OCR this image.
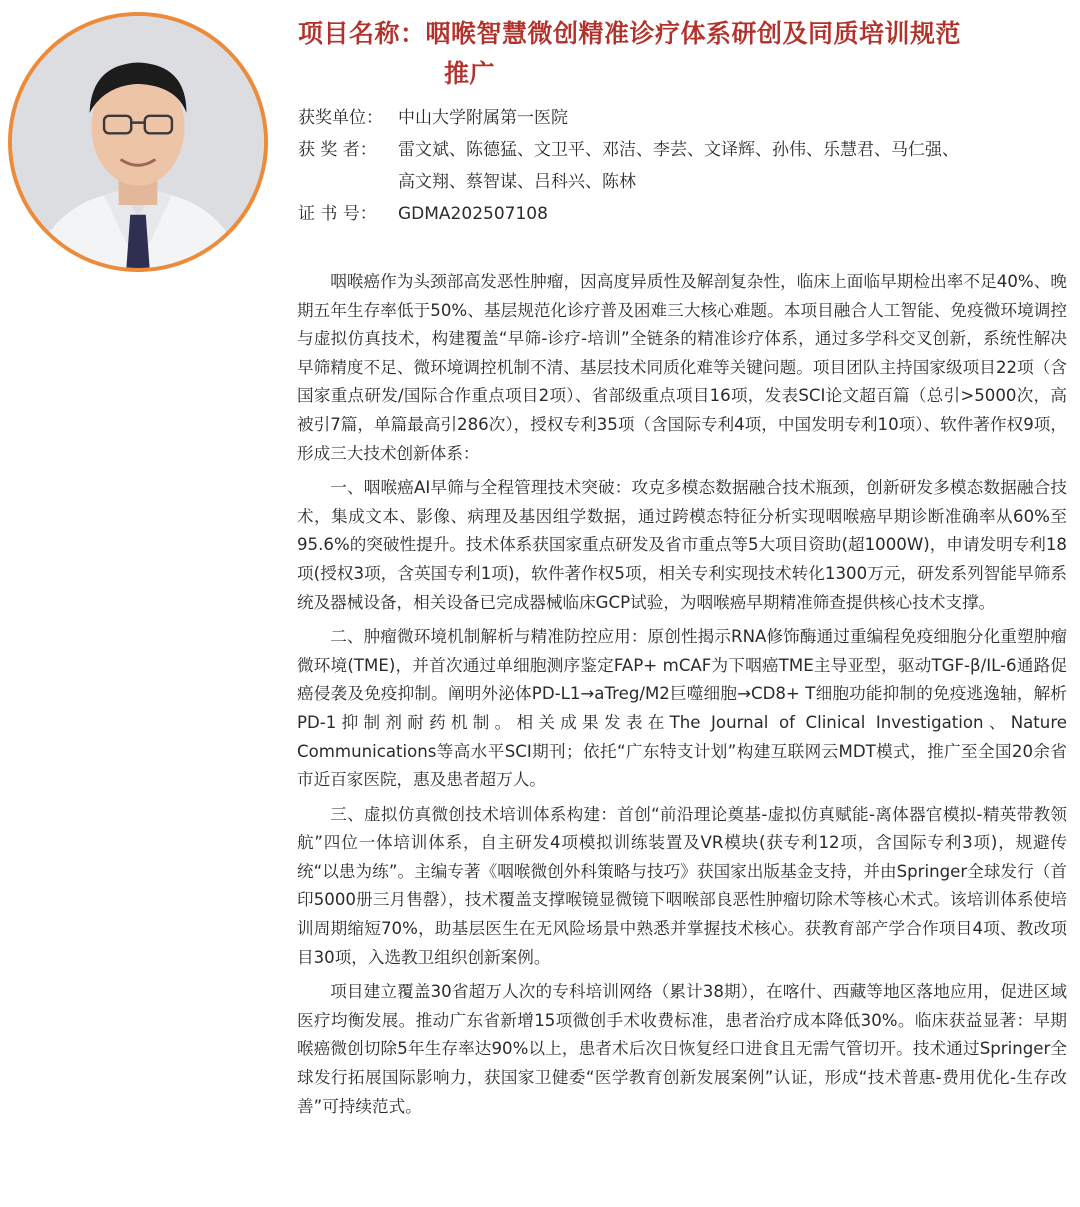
项目名称：咽喉智慧微创精准诊疗体系研创及同质培训规范
推广
获奖单位： 中山大学附属第一医院
获 奖 者：	雷文斌、陈德猛、文卫平、邓洁、李芸、文译辉、孙伟、乐慧君、马仁强、
高文翔、蔡智谋、吕科兴、陈林
证 书 号：	GDMA202507108

咽喉癌作为头颈部高发恶性肿瘤，因高度异质性及解剖复杂性，临床上面临早期检出率不足40%、晚期五年生存率低于50%、基层规范化诊疗普及困难三大核心难题。本项目融合人工智能、免疫微环境调控与虚拟仿真技术，构建覆盖“早筛-诊疗-培训”全链条的精准诊疗体系，通过多学科交叉创新，系统性解决早筛精度不足、微环境调控机制不清、基层技术同质化难等关键问题。项目团队主持国家级项目22项（含国家重点研发/国际合作重点项目2项）、省部级重点项目16项，发表SCI论文超百篇（总引>5000次，高被引7篇，单篇最高引286次），授权专利35项（含国际专利4项，中国发明专利10项）、软件著作权9项，形成三大技术创新体系：

一、咽喉癌AI早筛与全程管理技术突破：攻克多模态数据融合技术瓶颈，创新研发多模态数据融合技术，集成文本、影像、病理及基因组学数据，通过跨模态特征分析实现咽喉癌早期诊断准确率从60%至95.6%的突破性提升。技术体系获国家重点研发及省市重点等5大项目资助(超1000W)，申请发明专利18项(授权3项，含英国专利1项)，软件著作权5项，相关专利实现技术转化1300万元，研发系列智能早筛系统及器械设备，相关设备已完成器械临床GCP试验，为咽喉癌早期精准筛查提供核心技术支撑。

二、肿瘤微环境机制解析与精准防控应用：原创性揭示RNA修饰酶通过重编程免疫细胞分化重塑肿瘤微环境(TME)，并首次通过单细胞测序鉴定FAP+ mCAF为下咽癌TME主导亚型，驱动TGF-β/IL-6通路促癌侵袭及免疫抑制。阐明外泌体PD-L1→aTreg/M2巨噬细胞→CD8+ T细胞功能抑制的免疫逃逸轴，解析PD-1抑制剂耐药机制。相关成果发表在The Journal of Clinical Investigation、Nature Communications等高水平SCI期刊；依托“广东特支计划”构建互联网云MDT模式，推广至全国20余省市近百家医院，惠及患者超万人。

三、虚拟仿真微创技术培训体系构建：首创“前沿理论奠基-虚拟仿真赋能-离体器官模拟-精英带教领航”四位一体培训体系，自主研发4项模拟训练装置及VR模块(获专利12项，含国际专利3项)，规避传统“以患为练”。主编专著《咽喉微创外科策略与技巧》获国家出版基金支持，并由Springer全球发行（首印5000册三月售罄），技术覆盖支撑喉镜显微镜下咽喉部良恶性肿瘤切除术等核心术式。该培训体系使培训周期缩短70%，助基层医生在无风险场景中熟悉并掌握技术核心。获教育部产学合作项目4项、教改项目30项，入选教卫组织创新案例。

项目建立覆盖30省超万人次的专科培训网络（累计38期），在喀什、西藏等地区落地应用，促进区域医疗均衡发展。推动广东省新增15项微创手术收费标准，患者治疗成本降低30%。临床获益显著：早期喉癌微创切除5年生存率达90%以上，患者术后次日恢复经口进食且无需气管切开。技术通过Springer全球发行拓展国际影响力，获国家卫健委“医学教育创新发展案例”认证，形成“技术普惠-费用优化-生存改善”可持续范式。
